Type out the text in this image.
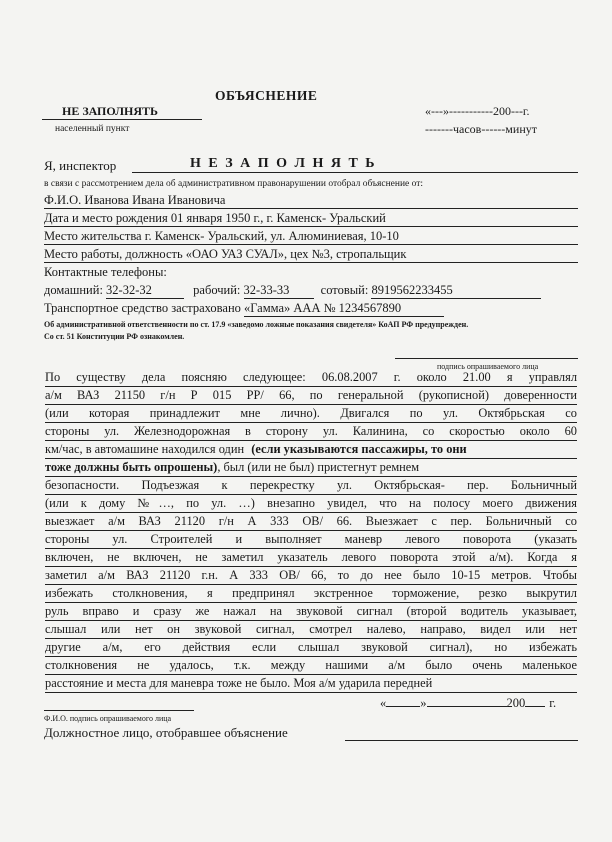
ОБЪЯСНЕНИЕ
НЕ ЗАПОЛНЯТЬ
населенный пункт
«---»-----------200---г.
-------часов------минут
Я, инспектор	Н Е З А П О Л Н Я Т Ь
в связи с рассмотрением дела об административном правонарушении отобрал объяснение от:
Ф.И.О. Иванова Ивана Ивановича
Дата и место рождения 01 января 1950 г., г. Каменск- Уральский
Место жительства г. Каменск- Уральский, ул. Алюминиевая, 10-10
Место работы, должность «ОАО УАЗ СУАЛ», цех №3, стропальщик
Контактные телефоны:
домашний: 32-32-32	рабочий: 32-33-33	сотовый: 8919562233455
Транспортное средство застраховано «Гамма» ААА № 1234567890
Об административной ответственности по ст. 17.9 «заведомо ложные показания свидетеля» КоАП РФ предупрежден.
Со ст. 51 Конституции РФ ознакомлен.
подпись опрашиваемого лица
По существу дела поясняю следующее: 06.08.2007 г. около 21.00 я управлял
а/м ВАЗ 21150 г/н Р 015 РР/ 66, по генеральной (рукописной) доверенности
(или которая принадлежит мне лично). Двигался по ул. Октябрьская со
стороны ул. Железнодорожная в сторону ул. Калинина, со скоростью около 60
км/час, в автомашине находился один (если указываются пассажиры, то они
тоже должны быть опрошены), был (или не был) пристегнут ремнем
безопасности. Подъезжая к перекрестку ул. Октябрьская- пер. Больничный
(или к дому №…, по ул. …) внезапно увидел, что на полосу моего движения
выезжает а/м ВАЗ 21120 г/н А 333 ОВ/ 66. Выезжает с пер. Больничный со
стороны ул. Строителей и выполняет маневр левого поворота (указать
включен, не включен, не заметил указатель левого поворота этой а/м). Когда я
заметил а/м ВАЗ 21120 г.н. А 333 ОВ/ 66, то до нее было 10-15 метров. Чтобы
избежать столкновения, я предпринял экстренное торможение, резко выкрутил
руль вправо и сразу же нажал на звуковой сигнал (второй водитель указывает,
слышал или нет он звуковой сигнал, смотрел налево, направо, видел или нет
другие а/м, его действия если слышал звуковой сигнал), но избежать
столкновения не удалось, т.к. между нашими а/м было очень маленькое
расстояние и места для маневра тоже не было. Моя а/м ударила передней
«	»	200 г.
Ф.И.О. подпись опрашиваемого лица
Должностное лицо, отобравшее объяснение
